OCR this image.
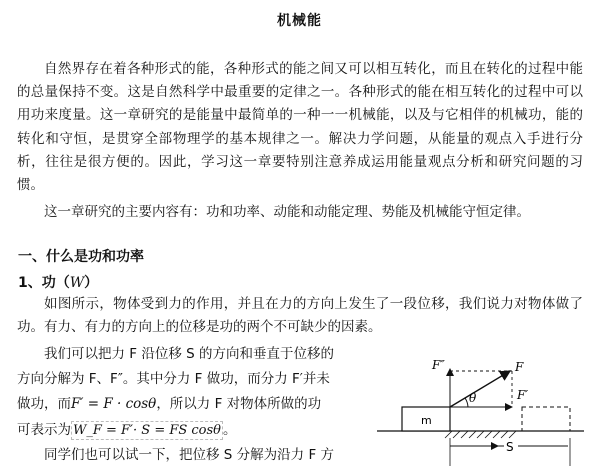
机械能
自然界存在着各种形式的能，各种形式的能之间又可以相互转化，而且在转化的过程中能的总量保持不变。这是自然科学中最重要的定律之一。各种形式的能在相互转化的过程中可以用功来度量。这一章研究的是能量中最简单的一种一一机械能，以及与它相伴的机械功，能的转化和守恒，是贯穿全部物理学的基本规律之一。解决力学问题，从能量的观点入手进行分析，往往是很方便的。因此，学习这一章要特别注意养成运用能量观点分析和研究问题的习惯。
这一章研究的主要内容有：功和功率、动能和动能定理、势能及机械能守恒定律。
一、什么是功和功率
1、功（W）
如图所示，物体受到力的作用，并且在力的方向上发生了一段位移，我们说力对物体做了功。有力、有力的方向上的位移是功的两个不可缺少的因素。
我们可以把力 F 沿位移 S 的方向和垂直于位移的
方向分解为 F、F″。其中分力 F 做功，而分力 F′并未
做功，而F′ = F · cosθ，所以力 F 对物体所做的功
可表示为 W_F = F′· S = FS cosθ 。
同学们也可以试一下，把位移 S 分解为沿力 F 方
m
θ
F
F′
F″
S
